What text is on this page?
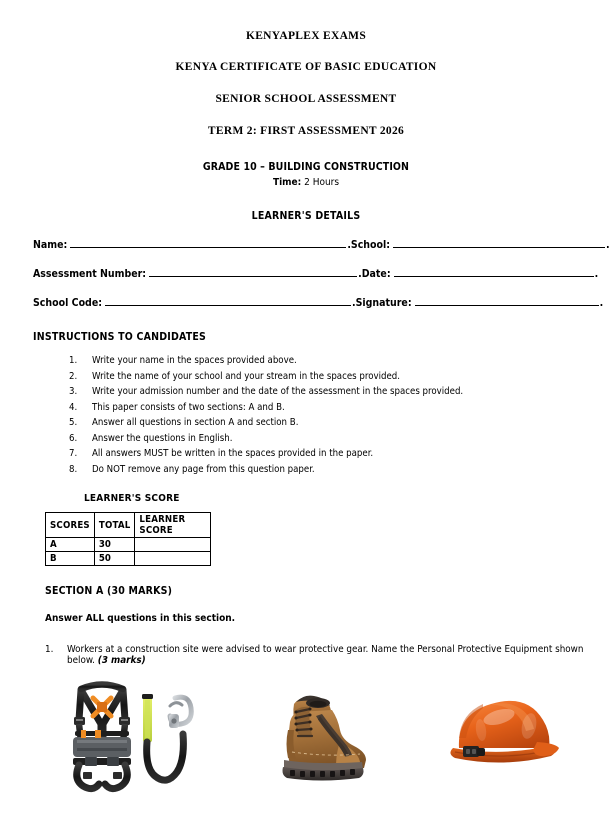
KENYAPLEX EXAMS
KENYA CERTIFICATE OF BASIC EDUCATION
SENIOR SCHOOL ASSESSMENT
TERM 2: FIRST ASSESSMENT 2026
GRADE 10 – BUILDING CONSTRUCTION
Time: 2 Hours
LEARNER'S DETAILS
Name:	. School:	.
Assessment Number:	. Date:	.
School Code:	. Signature:	.
INSTRUCTIONS TO CANDIDATES
1. Write your name in the spaces provided above.
2. Write the name of your school and your stream in the spaces provided.
3. Write your admission number and the date of the assessment in the spaces provided.
4. This paper consists of two sections: A and B.
5. Answer all questions in section A and section B.
6. Answer the questions in English.
7. All answers MUST be written in the spaces provided in the paper.
8. Do NOT remove any page from this question paper.
LEARNER'S SCORE
SCORES	TOTAL	LEARNER SCORE
A	30	
B	50	
SECTION A (30 MARKS)
Answer ALL questions in this section.
1.	Workers at a construction site were advised to wear protective gear. Name the Personal Protective Equipment shown below. (3 marks)
